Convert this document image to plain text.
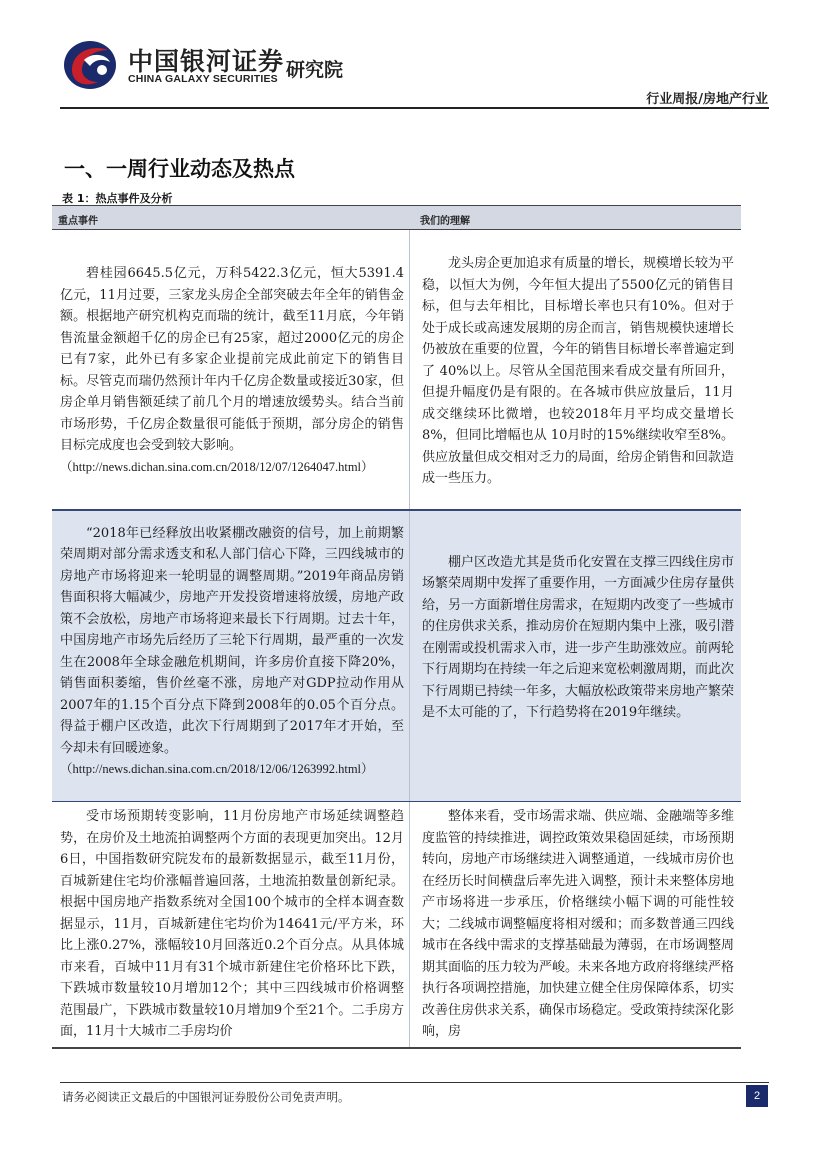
中国银河证券
CHINA GALAXY SECURITIES 研究院
行业周报/房地产行业
一、一周行业动态及热点
表 1：热点事件及分析
重点事件	我们的理解

碧桂园6645.5亿元，万科5422.3亿元，恒大5391.4亿元，11月过要，三家龙头房企全部突破去年全年的销售金额。根据地产研究机构克而瑞的统计，截至11月底，今年销售流量金额超千亿的房企已有25家，超过2000亿元的房企已有7家，此外已有多家企业提前完成此前定下的销售目标。尽管克而瑞仍然预计年内千亿房企数量或接近30家，但房企单月销售额延续了前几个月的增速放缓势头。结合当前市场形势，千亿房企数量很可能低于预期，部分房企的销售目标完成度也会受到较大影响。

（http://news.dichan.sina.com.cn/2018/12/07/1264047.html）

龙头房企更加追求有质量的增长，规模增长较为平稳，以恒大为例，今年恒大提出了5500亿元的销售目标，但与去年相比，目标增长率也只有10%。但对于处于成长或高速发展期的房企而言，销售规模快速增长仍被放在重要的位置，今年的销售目标增长率普遍定到了 40%以上。尽管从全国范围来看成交量有所回升，但提升幅度仍是有限的。在各城市供应放量后，11月成交继续环比微增，也较2018年月平均成交量增长 8%，但同比增幅也从 10月时的15%继续收窄至8%。供应放量但成交相对乏力的局面，给房企销售和回款造成一些压力。

“2018年已经释放出收紧棚改融资的信号，加上前期繁荣周期对部分需求透支和私人部门信心下降，三四线城市的房地产市场将迎来一轮明显的调整周期。”2019年商品房销售面积将大幅减少，房地产开发投资增速将放缓，房地产政策不会放松，房地产市场将迎来最长下行周期。过去十年，中国房地产市场先后经历了三轮下行周期，最严重的一次发生在2008年全球金融危机期间，许多房价直接下降20%，销售面积萎缩，售价丝毫不涨，房地产对GDP拉动作用从2007年的1.15个百分点下降到2008年的0.05个百分点。得益于棚户区改造，此次下行周期到了2017年才开始，至今却未有回暖迹象。

（http://news.dichan.sina.com.cn/2018/12/06/1263992.html）

棚户区改造尤其是货币化安置在支撑三四线住房市场繁荣周期中发挥了重要作用，一方面减少住房存量供给，另一方面新增住房需求，在短期内改变了一些城市的住房供求关系，推动房价在短期内集中上涨，吸引潜在刚需或投机需求入市，进一步产生助涨效应。前两轮下行周期均在持续一年之后迎来宽松刺激周期，而此次下行周期已持续一年多，大幅放松政策带来房地产繁荣是不太可能的了，下行趋势将在2019年继续。

受市场预期转变影响，11月份房地产市场延续调整趋势，在房价及土地流拍调整两个方面的表现更加突出。12月6日，中国指数研究院发布的最新数据显示，截至11月份，百城新建住宅均价涨幅普遍回落，土地流拍数量创新纪录。根据中国房地产指数系统对全国100个城市的全样本调查数据显示，11月，百城新建住宅均价为14641元/平方米，环比上涨0.27%，涨幅较10月回落近0.2个百分点。从具体城市来看，百城中11月有31个城市新建住宅价格环比下跌，下跌城市数量较10月增加12个；其中三四线城市价格调整范围最广，下跌城市数量较10月增加9个至21个。二手房方面，11月十大城市二手房均价

整体来看，受市场需求端、供应端、金融端等多维度监管的持续推进，调控政策效果稳固延续，市场预期转向，房地产市场继续进入调整通道，一线城市房价也在经历长时间横盘后率先进入调整，预计未来整体房地产市场将进一步承压，价格继续小幅下调的可能性较大；二线城市调整幅度将相对缓和；而多数普通三四线城市在各线中需求的支撑基础最为薄弱，在市场调整周期其面临的压力较为严峻。未来各地方政府将继续严格执行各项调控措施，加快建立健全住房保障体系，切实改善住房供求关系，确保市场稳定。受政策持续深化影响，房

请务必阅读正文最后的中国银河证券股份公司免责声明。	2
